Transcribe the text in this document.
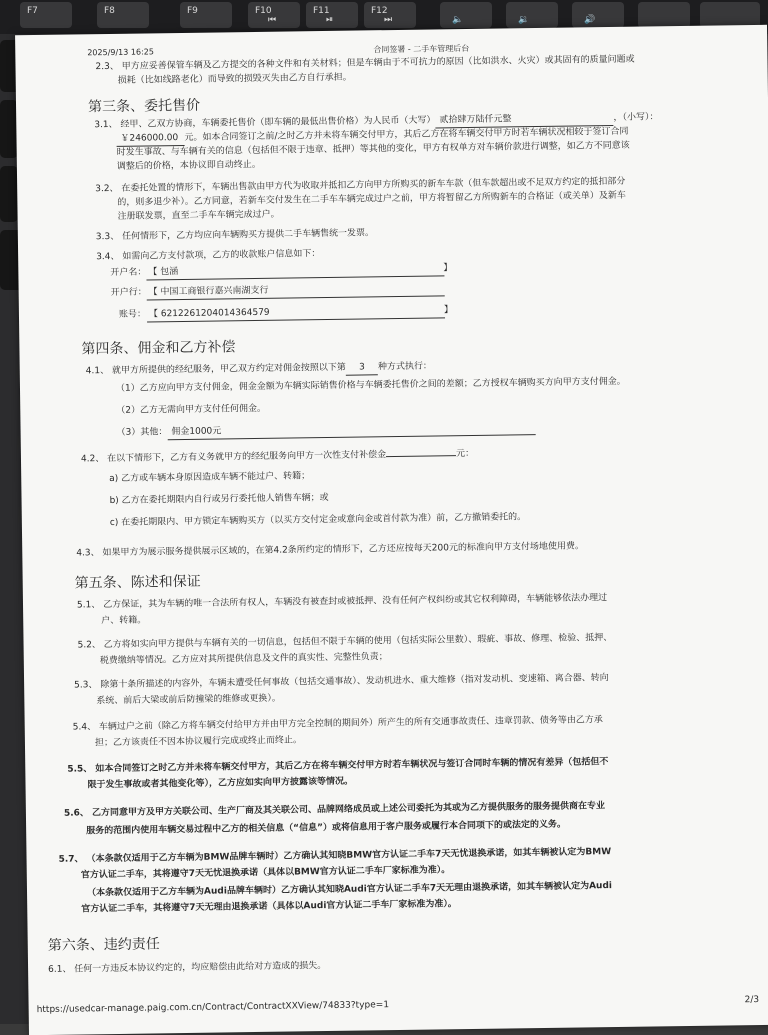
F7	F8	F9	F10
⏮
F11
⏯
F12
⏭	🔈	🔉	🔊
2025/9/13 16:25	合同签署 - 二手车管理后台
2.3、 甲方应妥善保管车辆及乙方提交的各种文件和有关材料；但是车辆由于不可抗力的原因（比如洪水、火灾）或其固有的质量问题或
损耗（比如线路老化）而导致的损毁灭失由乙方自行承担。
第三条、委托售价
3.1、 经甲、乙双方协商，车辆委托售价（即车辆的最低出售价格）为人民币（大写） 贰拾肆万陆仟元整	，（小写）：
￥246000.00 元。如本合同签订之前/之时乙方并未将车辆交付甲方，其后乙方在将车辆交付甲方时若车辆状况相较于签订合同
时发生事故、与车辆有关的信息（包括但不限于违章、抵押）等其他的变化，甲方有权单方对车辆价款进行调整，如乙方不同意该
调整后的价格，本协议即自动终止。
3.2、 在委托处置的情形下，车辆出售款由甲方代为收取并抵扣乙方向甲方所购买的新车车款（但车款超出或不足双方约定的抵扣部分
的，则多退少补）。乙方同意，若新车交付发生在二手车车辆完成过户之前，甲方将暂留乙方所购新车的合格证（或关单）及新车
注册联发票，直至二手车车辆完成过户。
3.3、 任何情形下，乙方均应向车辆购买方提供二手车辆售统一发票。
3.4、 如需向乙方支付款项，乙方的收款账户信息如下：
开户名： 【 包涵	】
开户行： 【 中国工商银行嘉兴南湖支行
账号： 【 6212261204014364579	】
第四条、佣金和乙方补偿
4.1、 就甲方所提供的经纪服务，甲乙双方约定对佣金按照以下第 3 种方式执行：
（1）乙方应向甲方支付佣金，佣金金额为车辆实际销售价格与车辆委托售价之间的差额；乙方授权车辆购买方向甲方支付佣金。
（2）乙方无需向甲方支付任何佣金。
（3）其他： 佣金1000元
4.2、 在以下情形下，乙方有义务就甲方的经纪服务向甲方一次性支付补偿金	元：
a) 乙方或车辆本身原因造成车辆不能过户、转籍；
b) 乙方在委托期限内自行或另行委托他人销售车辆；或
c) 在委托期限内、甲方锁定车辆购买方（以买方交付定金或意向金或首付款为准）前，乙方撤销委托的。
4.3、 如果甲方为展示服务提供展示区域的，在第4.2条所约定的情形下，乙方还应按每天200元的标准向甲方支付场地使用费。
第五条、陈述和保证
5.1、 乙方保证，其为车辆的唯一合法所有权人，车辆没有被查封或被抵押、没有任何产权纠纷或其它权利障碍，车辆能够依法办理过
户、转籍。
5.2、 乙方将如实向甲方提供与车辆有关的一切信息，包括但不限于车辆的使用（包括实际公里数）、瑕疵、事故、修理、检验、抵押、
税费缴纳等情况。乙方应对其所提供信息及文件的真实性、完整性负责；
5.3、 除第十条所描述的内容外，车辆未遭受任何事故（包括交通事故）、发动机进水、重大维修（指对发动机、变速箱、离合器、转向
系统、前后大梁或前后防撞梁的维修或更换）。
5.4、 车辆过户之前（除乙方将车辆交付给甲方并由甲方完全控制的期间外）所产生的所有交通事故责任、违章罚款、债务等由乙方承
担；乙方该责任不因本协议履行完成或终止而终止。
5.5、 如本合同签订之时乙方并未将车辆交付甲方，其后乙方在将车辆交付甲方时若车辆状况与签订合同时车辆的情况有差异（包括但不
限于发生事故或者其他变化等），乙方应如实向甲方披露该等情况。
5.6、 乙方同意甲方及甲方关联公司、生产厂商及其关联公司、品牌网络成员或上述公司委托为其或为乙方提供服务的服务提供商在专业
服务的范围内使用车辆交易过程中乙方的相关信息（“信息”）或将信息用于客户服务或履行本合同项下的或法定的义务。
5.7、 （本条款仅适用于乙方车辆为BMW品牌车辆时）乙方确认其知晓BMW官方认证二手车7天无忧退换承诺，如其车辆被认定为BMW
官方认证二手车，其将遵守7天无忧退换承诺（具体以BMW官方认证二手车厂家标准为准）。
（本条款仅适用于乙方车辆为Audi品牌车辆时）乙方确认其知晓Audi官方认证二手车7天无理由退换承诺，如其车辆被认定为Audi
官方认证二手车，其将遵守7天无理由退换承诺（具体以Audi官方认证二手车厂家标准为准）。
第六条、违约责任
6.1、 任何一方违反本协议约定的，均应赔偿由此给对方造成的损失。
https://usedcar-manage.paig.com.cn/Contract/ContractXXView/74833?type=1
2/3
